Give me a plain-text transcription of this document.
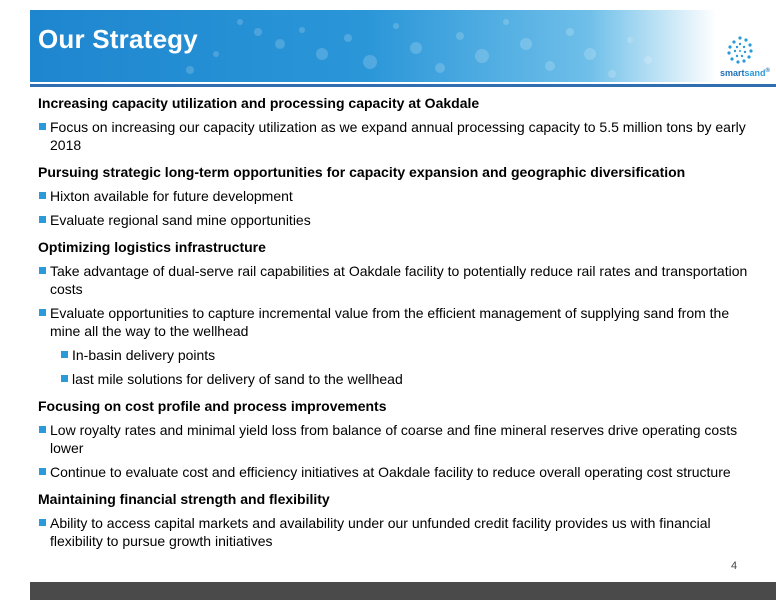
Our Strategy
smartsand®
Increasing capacity utilization and processing capacity at Oakdale
Focus on increasing our capacity utilization as we expand annual processing capacity to 5.5 million tons by early 2018
Pursuing strategic long-term opportunities for capacity expansion and geographic diversification
Hixton available for future development
Evaluate regional sand mine opportunities
Optimizing logistics infrastructure
Take advantage of dual-serve rail capabilities at Oakdale facility to potentially reduce rail rates and transportation costs
Evaluate opportunities to capture incremental value from the efficient management of supplying sand from the mine all the way to the wellhead
In-basin delivery points
last mile solutions for delivery of sand to the wellhead
Focusing on cost profile and process improvements
Low royalty rates and minimal yield loss from balance of coarse and fine mineral reserves drive operating costs lower
Continue to evaluate cost and efficiency initiatives at Oakdale facility to reduce overall operating cost structure
Maintaining financial strength and flexibility
Ability to access capital markets and availability under our unfunded credit facility provides us with financial flexibility to pursue growth initiatives
4
